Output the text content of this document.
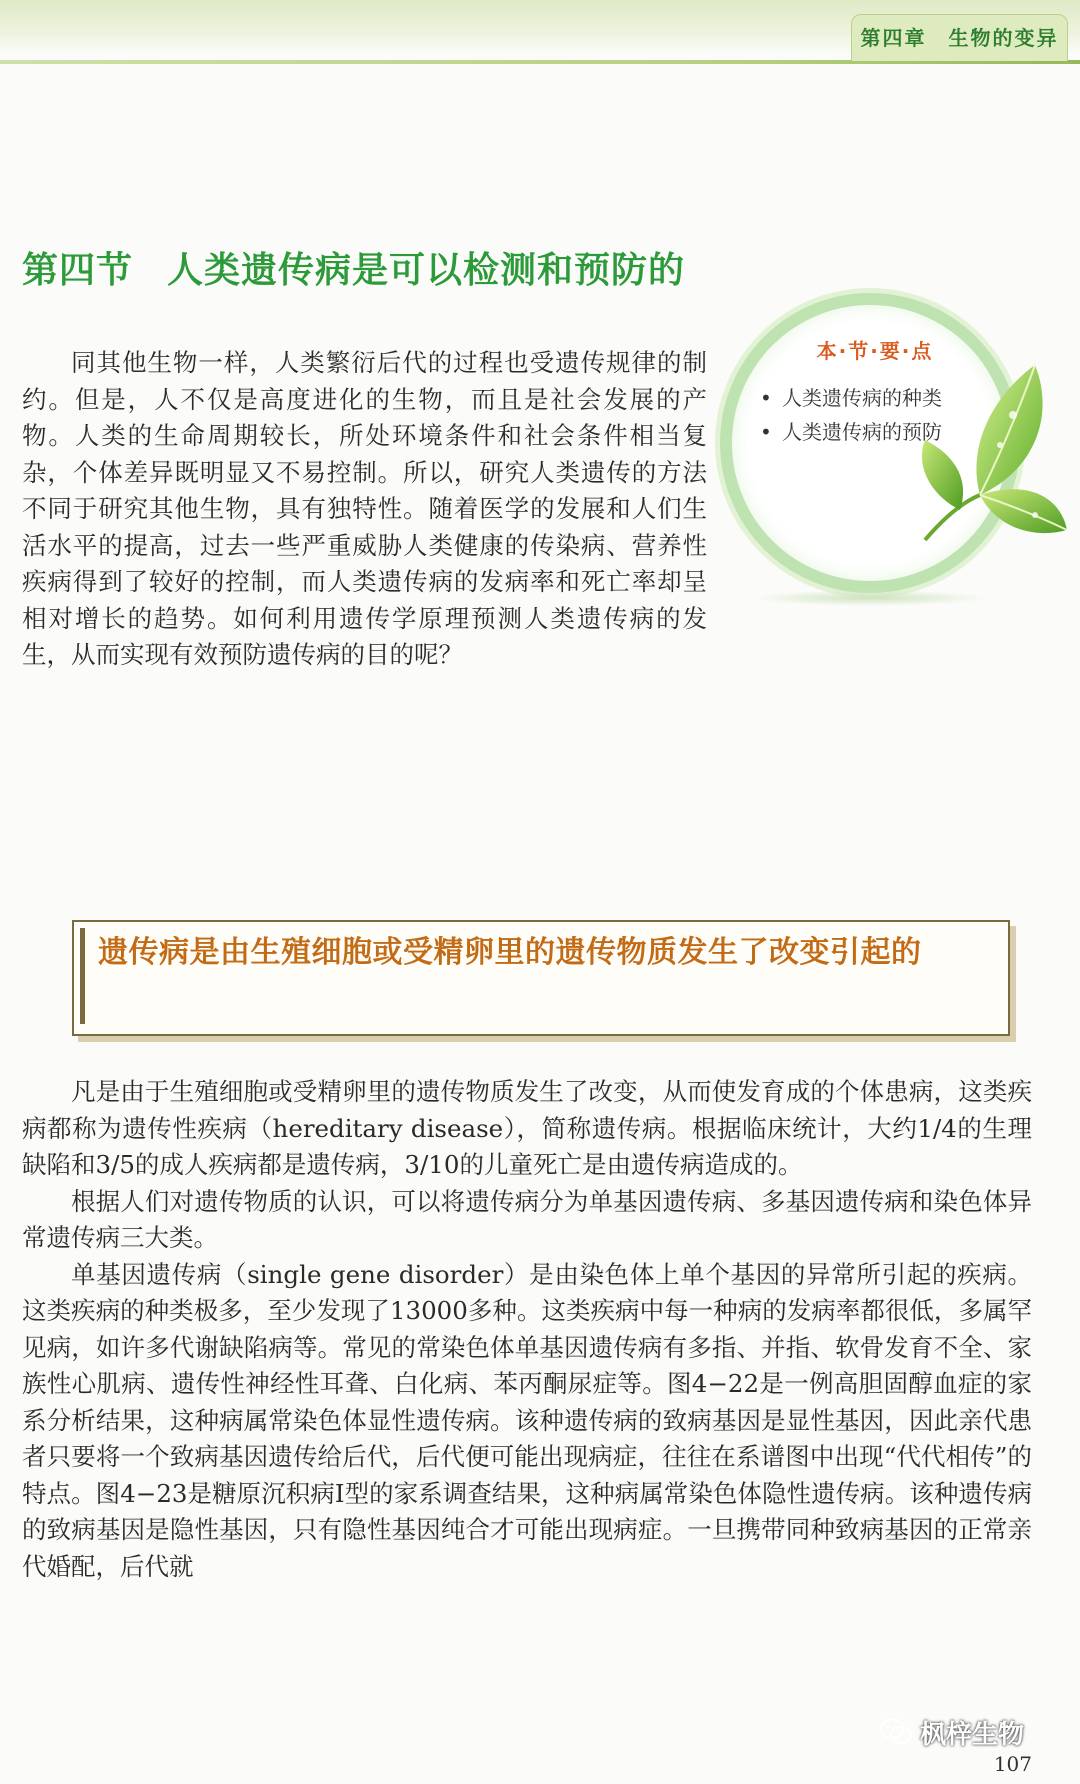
第四章　生物的变异
第四节 人类遗传病是可以检测和预防的

同其他生物一样，人类繁衍后代的过程也受遗传规律的制约。但是，人不仅是高度进化的生物，而且是社会发展的产物。人类的生命周期较长，所处环境条件和社会条件相当复杂，个体差异既明显又不易控制。所以，研究人类遗传的方法不同于研究其他生物，具有独特性。随着医学的发展和人们生活水平的提高，过去一些严重威胁人类健康的传染病、营养性疾病得到了较好的控制，而人类遗传病的发病率和死亡率却呈相对增长的趋势。如何利用遗传学原理预测人类遗传病的发生，从而实现有效预防遗传病的目的呢？

本·节·要·点
• 人类遗传病的种类
• 人类遗传病的预防
遗传病是由生殖细胞或受精卵里的遗传物质发生了改变引起的

凡是由于生殖细胞或受精卵里的遗传物质发生了改变，从而使发育成的个体患病，这类疾病都称为遗传性疾病（hereditary disease），简称遗传病。根据临床统计，大约1/4的生理缺陷和3/5的成人疾病都是遗传病，3/10的儿童死亡是由遗传病造成的。

根据人们对遗传物质的认识，可以将遗传病分为单基因遗传病、多基因遗传病和染色体异常遗传病三大类。

单基因遗传病（single gene disorder）是由染色体上单个基因的异常所引起的疾病。这类疾病的种类极多，至少发现了13000多种。这类疾病中每一种病的发病率都很低，多属罕见病，如许多代谢缺陷病等。常见的常染色体单基因遗传病有多指、并指、软骨发育不全、家族性心肌病、遗传性神经性耳聋、白化病、苯丙酮尿症等。图4−22是一例高胆固醇血症的家系分析结果，这种病属常染色体显性遗传病。该种遗传病的致病基因是显性基因，因此亲代患者只要将一个致病基因遗传给后代，后代便可能出现病症，往往在系谱图中出现“代代相传”的特点。图4−23是糖原沉积病Ⅰ型的家系调查结果，这种病属常染色体隐性遗传病。该种遗传病的致病基因是隐性基因，只有隐性基因纯合才可能出现病症。一旦携带同种致病基因的正常亲代婚配，后代就

枫梓生物
107
